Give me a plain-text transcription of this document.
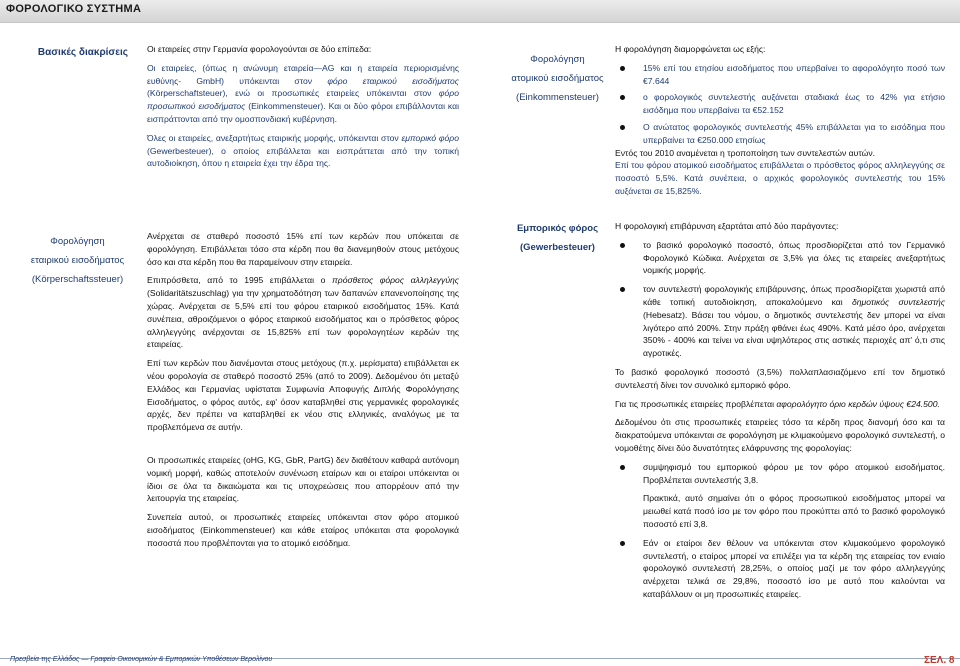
ΦΟΡΟΛΟΓΙΚΟ ΣΥΣΤΗΜΑ
Βασικές διακρίσεις Οι εταιρείες στην Γερμανία φορολογούνται σε δύο επίπεδα:

Οι εταιρείες, (όπως η ανώνυμη εταιρεία—AG και η εταιρεία περιορισμένης ευθύνης- GmbH) υπόκεινται στον φόρο εταιρικού εισοδήματος (Körperschaftsteuer), ενώ οι προσωπικές εταιρείες υπόκεινται στον φόρο προσωπικού εισοδήματος (Einkommensteuer). Και οι δύο φόροι επιβάλλονται και εισπράττονται από την ομοσπονδιακή κυβέρνηση.

Όλες οι εταιρείες, ανεξαρτήτως εταιρικής μορφής, υπόκεινται στον εμπορικό φόρο (Gewerbesteuer), ο οποίος επιβάλλεται και εισπράττεται από την τοπική αυτοδιοίκηση, όπου η εταιρεία έχει την έδρα της.

Φορολόγηση
ατομικού εισοδήματος
(Einkommensteuer)

Η φορολόγηση διαμορφώνεται ως εξής:

15% επί του ετησίου εισοδήματος που υπερβαίνει το αφορολόγητο ποσό των €7.644
ο φορολογικός συντελεστής αυξάνεται σταδιακά έως το 42% για ετήσιο εισόδημα που υπερβαίνει τα €52.152
Ο ανώτατος φορολογικός συντελεστής 45% επιβάλλεται για το εισόδημα που υπερβαίνει τα €250.000 ετησίως

Εντός του 2010 αναμένεται η τροποποίηση των συντελεστών αυτών.

Επί του φόρου ατομικού εισοδήματος επιβάλλεται ο πρόσθετος φόρος αλληλεγγύης σε ποσοστό 5,5%. Κατά συνέπεια, ο αρχικός φορολογικός συντελεστής του 15% αυξάνεται σε 15,825%.

Φορολόγηση
εταιρικού εισοδήματος
(Körperschaftssteuer)

Ανέρχεται σε σταθερό ποσοστό 15% επί των κερδών που υπόκειται σε φορολόγηση. Επιβάλλεται τόσο στα κέρδη που θα διανεμηθούν στους μετόχους όσο και στα κέρδη που θα παραμείνουν στην εταιρεία.

Επιπρόσθετα, από το 1995 επιβάλλεται ο πρόσθετος φόρος αλληλεγγύης (Solidaritätszuschlag) για την χρηματοδότηση των δαπανών επανενοποίησης της χώρας. Ανέρχεται σε 5,5% επί του φόρου εταιρικού εισοδήματος 15%. Κατά συνέπεια, αθροιζόμενοι ο φόρος εταιρικού εισοδήματος και ο πρόσθετος φόρος αλληλεγγύης ανέρχονται σε 15,825% επί των φορολογητέων κερδών της εταιρείας.

Επί των κερδών που διανέμονται στους μετόχους (π.χ. μερίσματα) επιβάλλεται εκ νέου φορολογία σε σταθερό ποσοστό 25% (από το 2009). Δεδομένου ότι μεταξύ Ελλάδος και Γερμανίας υφίσταται Συμφωνία Αποφυγής Διπλής Φορολόγησης Εισοδήματος, ο φόρος αυτός, εφ' όσον καταβληθεί στις γερμανικές φορολογικές αρχές, δεν πρέπει να καταβληθεί εκ νέου στις ελληνικές, αναλόγως με τα προβλεπόμενα σε αυτήν.

Οι προσωπικές εταιρείες (oHG, KG, GbR, PartG) δεν διαθέτουν καθαρά αυτόνομη νομική μορφή, καθώς αποτελούν συνένωση εταίρων και οι εταίροι υπόκεινται οι ίδιοι σε όλα τα δικαιώματα και τις υποχρεώσεις που απορρέουν από την λειτουργία της εταιρείας.

Συνεπεία αυτού, οι προσωπικές εταιρείες υπόκεινται στον φόρο ατομικού εισοδήματος (Einkommensteuer) και κάθε εταίρος υπόκειται στα φορολογικά ποσοστά που προβλέπονται για το ατομικό εισόδημα.

Εμπορικός φόρος
(Gewerbesteuer)

Η φορολογική επιβάρυνση εξαρτάται από δύο παράγοντες:

το βασικό φορολογικό ποσοστό, όπως προσδιορίζεται από τον Γερμανικό Φορολογικό Κώδικα. Ανέρχεται σε 3,5% για όλες τις εταιρείες ανεξαρτήτως νομικής μορφής.
τον συντελεστή φορολογικής επιβάρυνσης, όπως προσδιορίζεται χωριστά από κάθε τοπική αυτοδιοίκηση, αποκαλούμενο και δημοτικός συντελεστής (Hebesatz). Βάσει του νόμου, ο δημοτικός συντελεστής δεν μπορεί να είναι λιγότερο από 200%. Στην πράξη φθάνει έως 490%. Κατά μέσο όρο, ανέρχεται 350% - 400% και τείνει να είναι υψηλότερος στις αστικές περιοχές απ' ό,τι στις αγροτικές.

Το βασικό φορολογικό ποσοστό (3,5%) πολλαπλασιαζόμενο επί τον δημοτικό συντελεστή δίνει τον συνολικό εμπορικό φόρο.

Για τις προσωπικές εταιρείες προβλέπεται αφορολόγητο όριο κερδών ύψους €24.500.

Δεδομένου ότι στις προσωπικές εταιρείες τόσο τα κέρδη προς διανομή όσο και τα διακρατούμενα υπόκεινται σε φορολόγηση με κλιμακούμενο φορολογικό συντελεστή, ο νομοθέτης δίνει δύο δυνατότητες ελάφρυνσης της φορολογίας:

συμψηφισμό του εμπορικού φόρου με τον φόρο ατομικού εισοδήματος. Προβλέπεται συντελεστής 3,8.
Πρακτικά, αυτό σημαίνει ότι ο φόρος προσωπικού εισοδήματος μπορεί να μειωθεί κατά ποσό ίσο με τον φόρο που προκύπτει από το βασικό φορολογικό ποσοστό επί 3,8.
Εάν οι εταίροι δεν θέλουν να υπόκεινται στον κλιμακούμενο φορολογικό συντελεστή, ο εταίρος μπορεί να επιλέξει για τα κέρδη της εταιρείας τον ενιαίο φορολογικό συντελεστή 28,25%, ο οποίος μαζί με τον φόρο αλληλεγγύης ανέρχεται τελικά σε 29,8%, ποσοστό ίσο με αυτό που καλούνται να καταβάλλουν οι μη προσωπικές εταιρείες.
Πρεσβεία της Ελλάδος — Γραφείο Οικονομικών & Εμπορικών Υποθέσεων Βερολίνου	ΣΕΛ. 8
